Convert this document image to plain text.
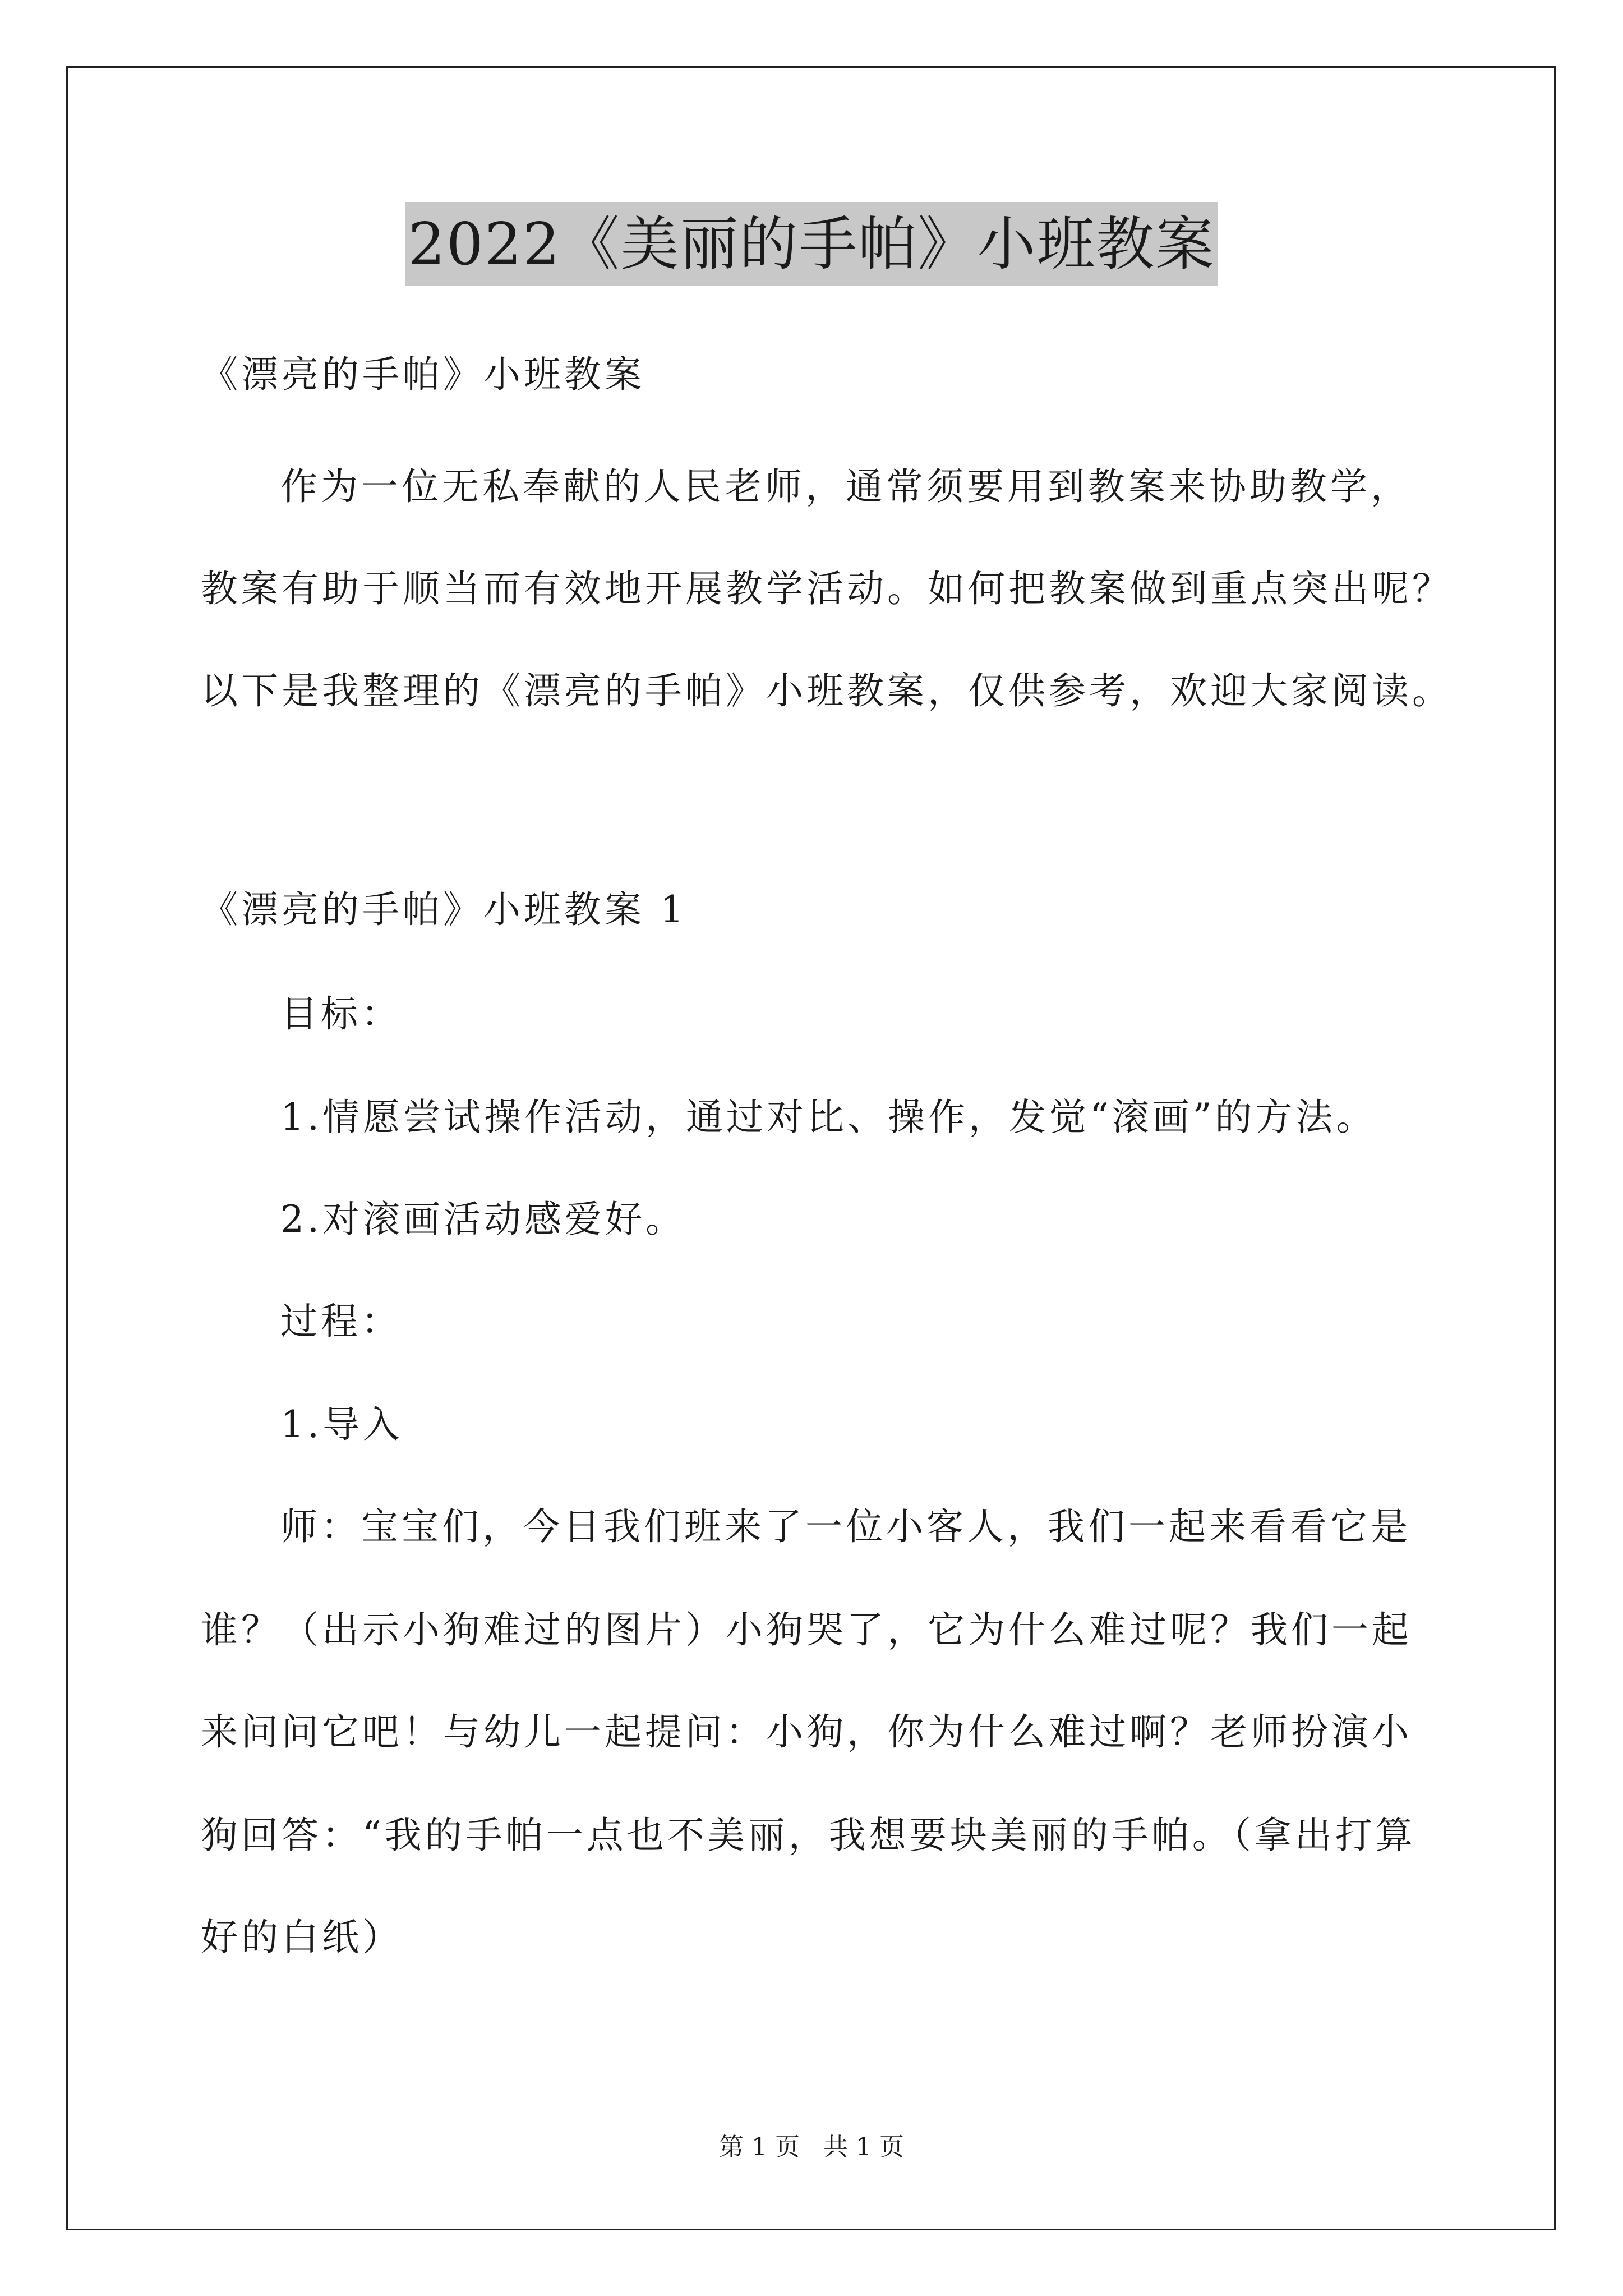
2022《美丽的手帕》小班教案
《漂亮的手帕》小班教案
作为一位无私奉献的人民老师，通常须要用到教案来协助教学，
教案有助于顺当而有效地开展教学活动。如何把教案做到重点突出呢？
以下是我整理的《漂亮的手帕》小班教案，仅供参考，欢迎大家阅读。
《漂亮的手帕》小班教案 1
目标：
1.情愿尝试操作活动，通过对比、操作，发觉“滚画”的方法。
2.对滚画活动感爱好。
过程：
1.导入
师：宝宝们，今日我们班来了一位小客人，我们一起来看看它是
谁？（出示小狗难过的图片）小狗哭了，它为什么难过呢？我们一起
来问问它吧！与幼儿一起提问：小狗，你为什么难过啊？老师扮演小
狗回答：“我的手帕一点也不美丽，我想要块美丽的手帕。（拿出打算
好的白纸）
第 1 页 共 1 页
